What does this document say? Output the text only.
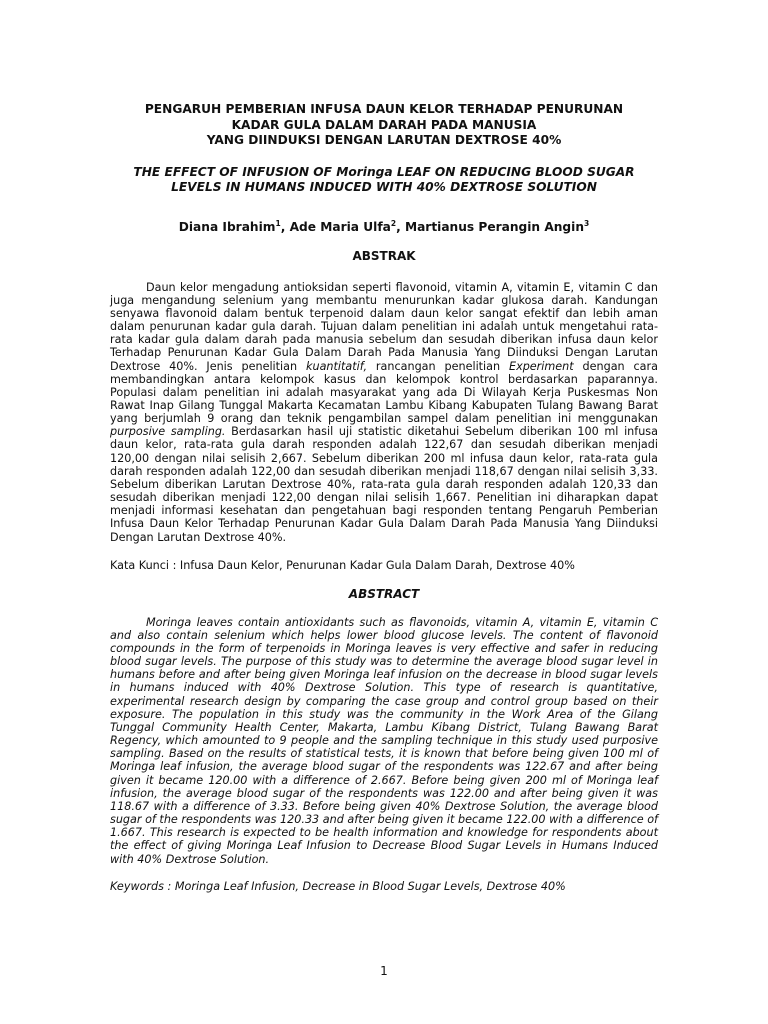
PENGARUH PEMBERIAN INFUSA DAUN KELOR TERHADAP PENURUNAN
KADAR GULA DALAM DARAH PADA MANUSIA
YANG DIINDUKSI DENGAN LARUTAN DEXTROSE 40%

THE EFFECT OF INFUSION OF Moringa LEAF ON REDUCING BLOOD SUGAR
LEVELS IN HUMANS INDUCED WITH 40% DEXTROSE SOLUTION

Diana Ibrahim$^1$, Ade Maria Ulfa$^2$, Martianus Perangin Angin$^3$

ABSTRAK

Daun kelor mengadung antioksidan seperti flavonoid, vitamin A, vitamin E, vitamin C dan juga mengandung selenium yang membantu menurunkan kadar glukosa darah. Kandungan senyawa flavonoid dalam bentuk terpenoid dalam daun kelor sangat efektif dan lebih aman dalam penurunan kadar gula darah. Tujuan dalam penelitian ini adalah untuk mengetahui rata-rata kadar gula dalam darah pada manusia sebelum dan sesudah diberikan infusa daun kelor Terhadap Penurunan Kadar Gula Dalam Darah Pada Manusia Yang Diinduksi Dengan Larutan Dextrose 40%. Jenis penelitian kuantitatif, rancangan penelitian Experiment dengan cara membandingkan antara kelompok kasus dan kelompok kontrol berdasarkan paparannya. Populasi dalam penelitian ini adalah masyarakat yang ada Di Wilayah Kerja Puskesmas Non Rawat Inap Gilang Tunggal Makarta Kecamatan Lambu Kibang Kabupaten Tulang Bawang Barat yang berjumlah 9 orang dan teknik pengambilan sampel dalam penelitian ini menggunakan purposive sampling. Berdasarkan hasil uji statistic diketahui Sebelum diberikan 100 ml infusa daun kelor, rata-rata gula darah responden adalah 122,67 dan sesudah diberikan menjadi 120,00 dengan nilai selisih 2,667. Sebelum diberikan 200 ml infusa daun kelor, rata-rata gula darah responden adalah 122,00 dan sesudah diberikan menjadi 118,67 dengan nilai selisih 3,33. Sebelum diberikan Larutan Dextrose 40%, rata-rata gula darah responden adalah 120,33 dan sesudah diberikan menjadi 122,00 dengan nilai selisih 1,667. Penelitian ini diharapkan dapat menjadi informasi kesehatan dan pengetahuan bagi responden tentang Pengaruh Pemberian Infusa Daun Kelor Terhadap Penurunan Kadar Gula Dalam Darah Pada Manusia Yang Diinduksi Dengan Larutan Dextrose 40%.

Kata Kunci : Infusa Daun Kelor, Penurunan Kadar Gula Dalam Darah, Dextrose 40%

ABSTRACT

Moringa leaves contain antioxidants such as flavonoids, vitamin A, vitamin E, vitamin C and also contain selenium which helps lower blood glucose levels. The content of flavonoid compounds in the form of terpenoids in Moringa leaves is very effective and safer in reducing blood sugar levels. The purpose of this study was to determine the average blood sugar level in humans before and after being given Moringa leaf infusion on the decrease in blood sugar levels in humans induced with 40% Dextrose Solution. This type of research is quantitative, experimental research design by comparing the case group and control group based on their exposure. The population in this study was the community in the Work Area of the Gilang Tunggal Community Health Center, Makarta, Lambu Kibang District, Tulang Bawang Barat Regency, which amounted to 9 people and the sampling technique in this study used purposive sampling. Based on the results of statistical tests, it is known that before being given 100 ml of Moringa leaf infusion, the average blood sugar of the respondents was 122.67 and after being given it became 120.00 with a difference of 2.667. Before being given 200 ml of Moringa leaf infusion, the average blood sugar of the respondents was 122.00 and after being given it was 118.67 with a difference of 3.33. Before being given 40% Dextrose Solution, the average blood sugar of the respondents was 120.33 and after being given it became 122.00 with a difference of 1.667. This research is expected to be health information and knowledge for respondents about the effect of giving Moringa Leaf Infusion to Decrease Blood Sugar Levels in Humans Induced with 40% Dextrose Solution.

Keywords : Moringa Leaf Infusion, Decrease in Blood Sugar Levels, Dextrose 40%

1
